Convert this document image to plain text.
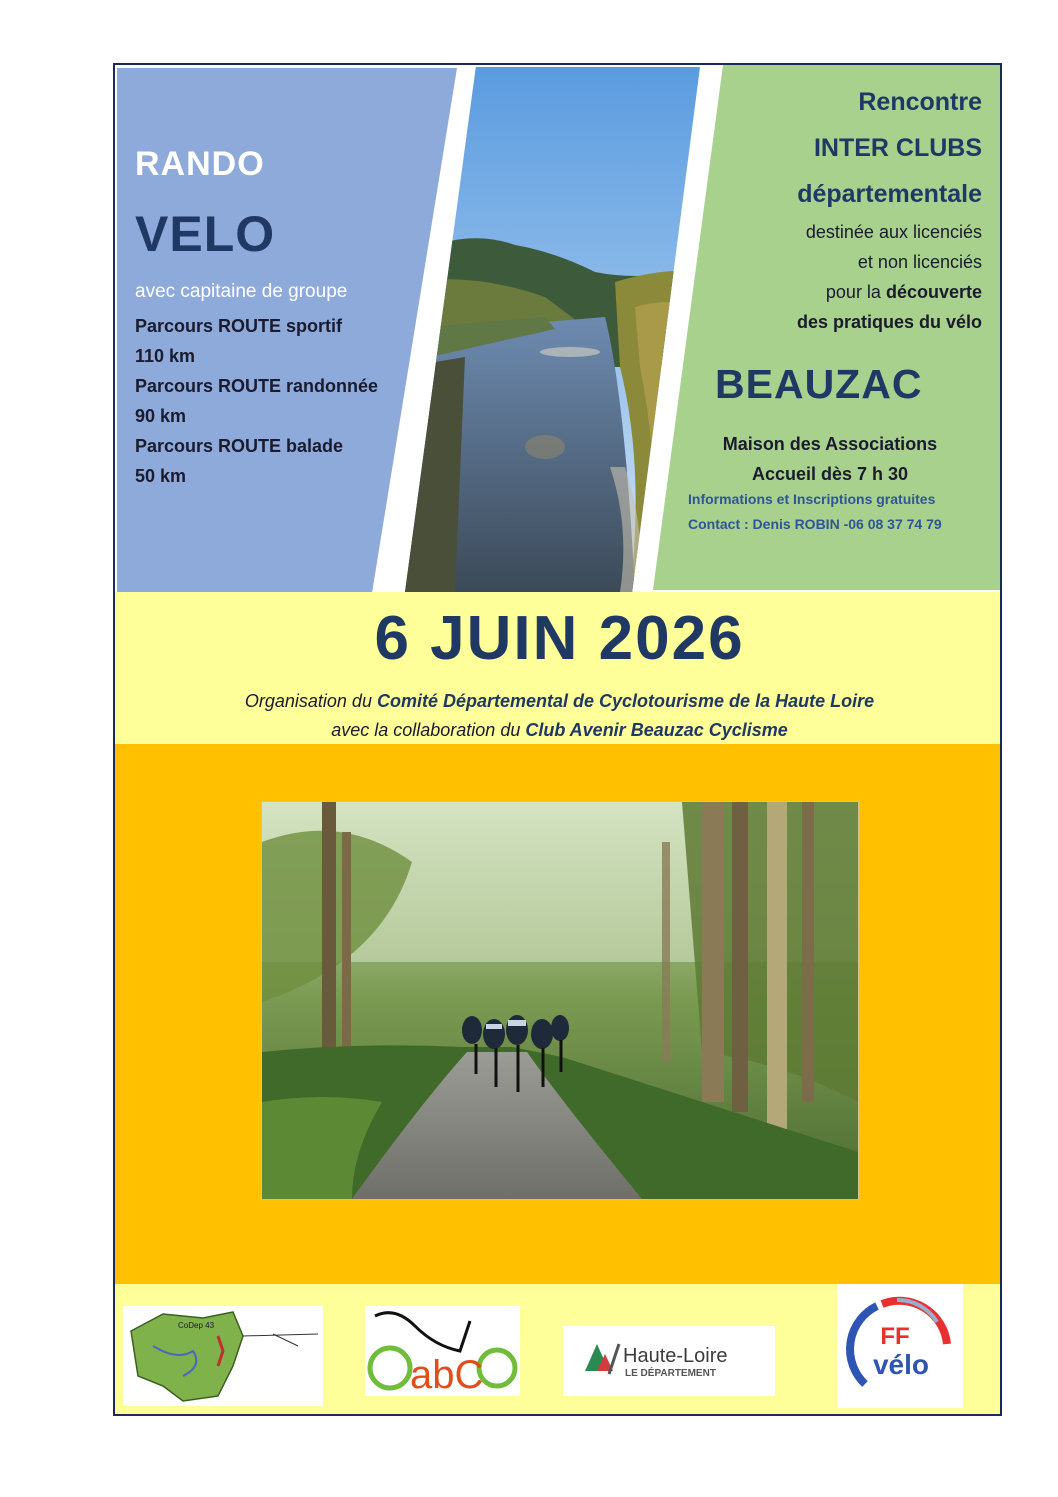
RANDO
VELO
avec capitaine de groupe
Parcours ROUTE sportif
110 km
Parcours ROUTE randonnée
90 km
Parcours ROUTE balade
50 km
Rencontre
INTER CLUBS
départementale
destinée aux licenciés
et non licenciés
pour la découverte
des pratiques du vélo
BEAUZAC
Maison des Associations
Accueil dès 7 h 30
Informations et Inscriptions gratuites
Contact : Denis ROBIN -06 08 37 74 79
6 JUIN 2026
Organisation du Comité Départemental de Cyclotourisme de la Haute Loire
avec la collaboration du Club Avenir Beauzac Cyclisme
CoDep 43
abC	Haute-Loire
LE DÉPARTEMENT
FF
vélo
